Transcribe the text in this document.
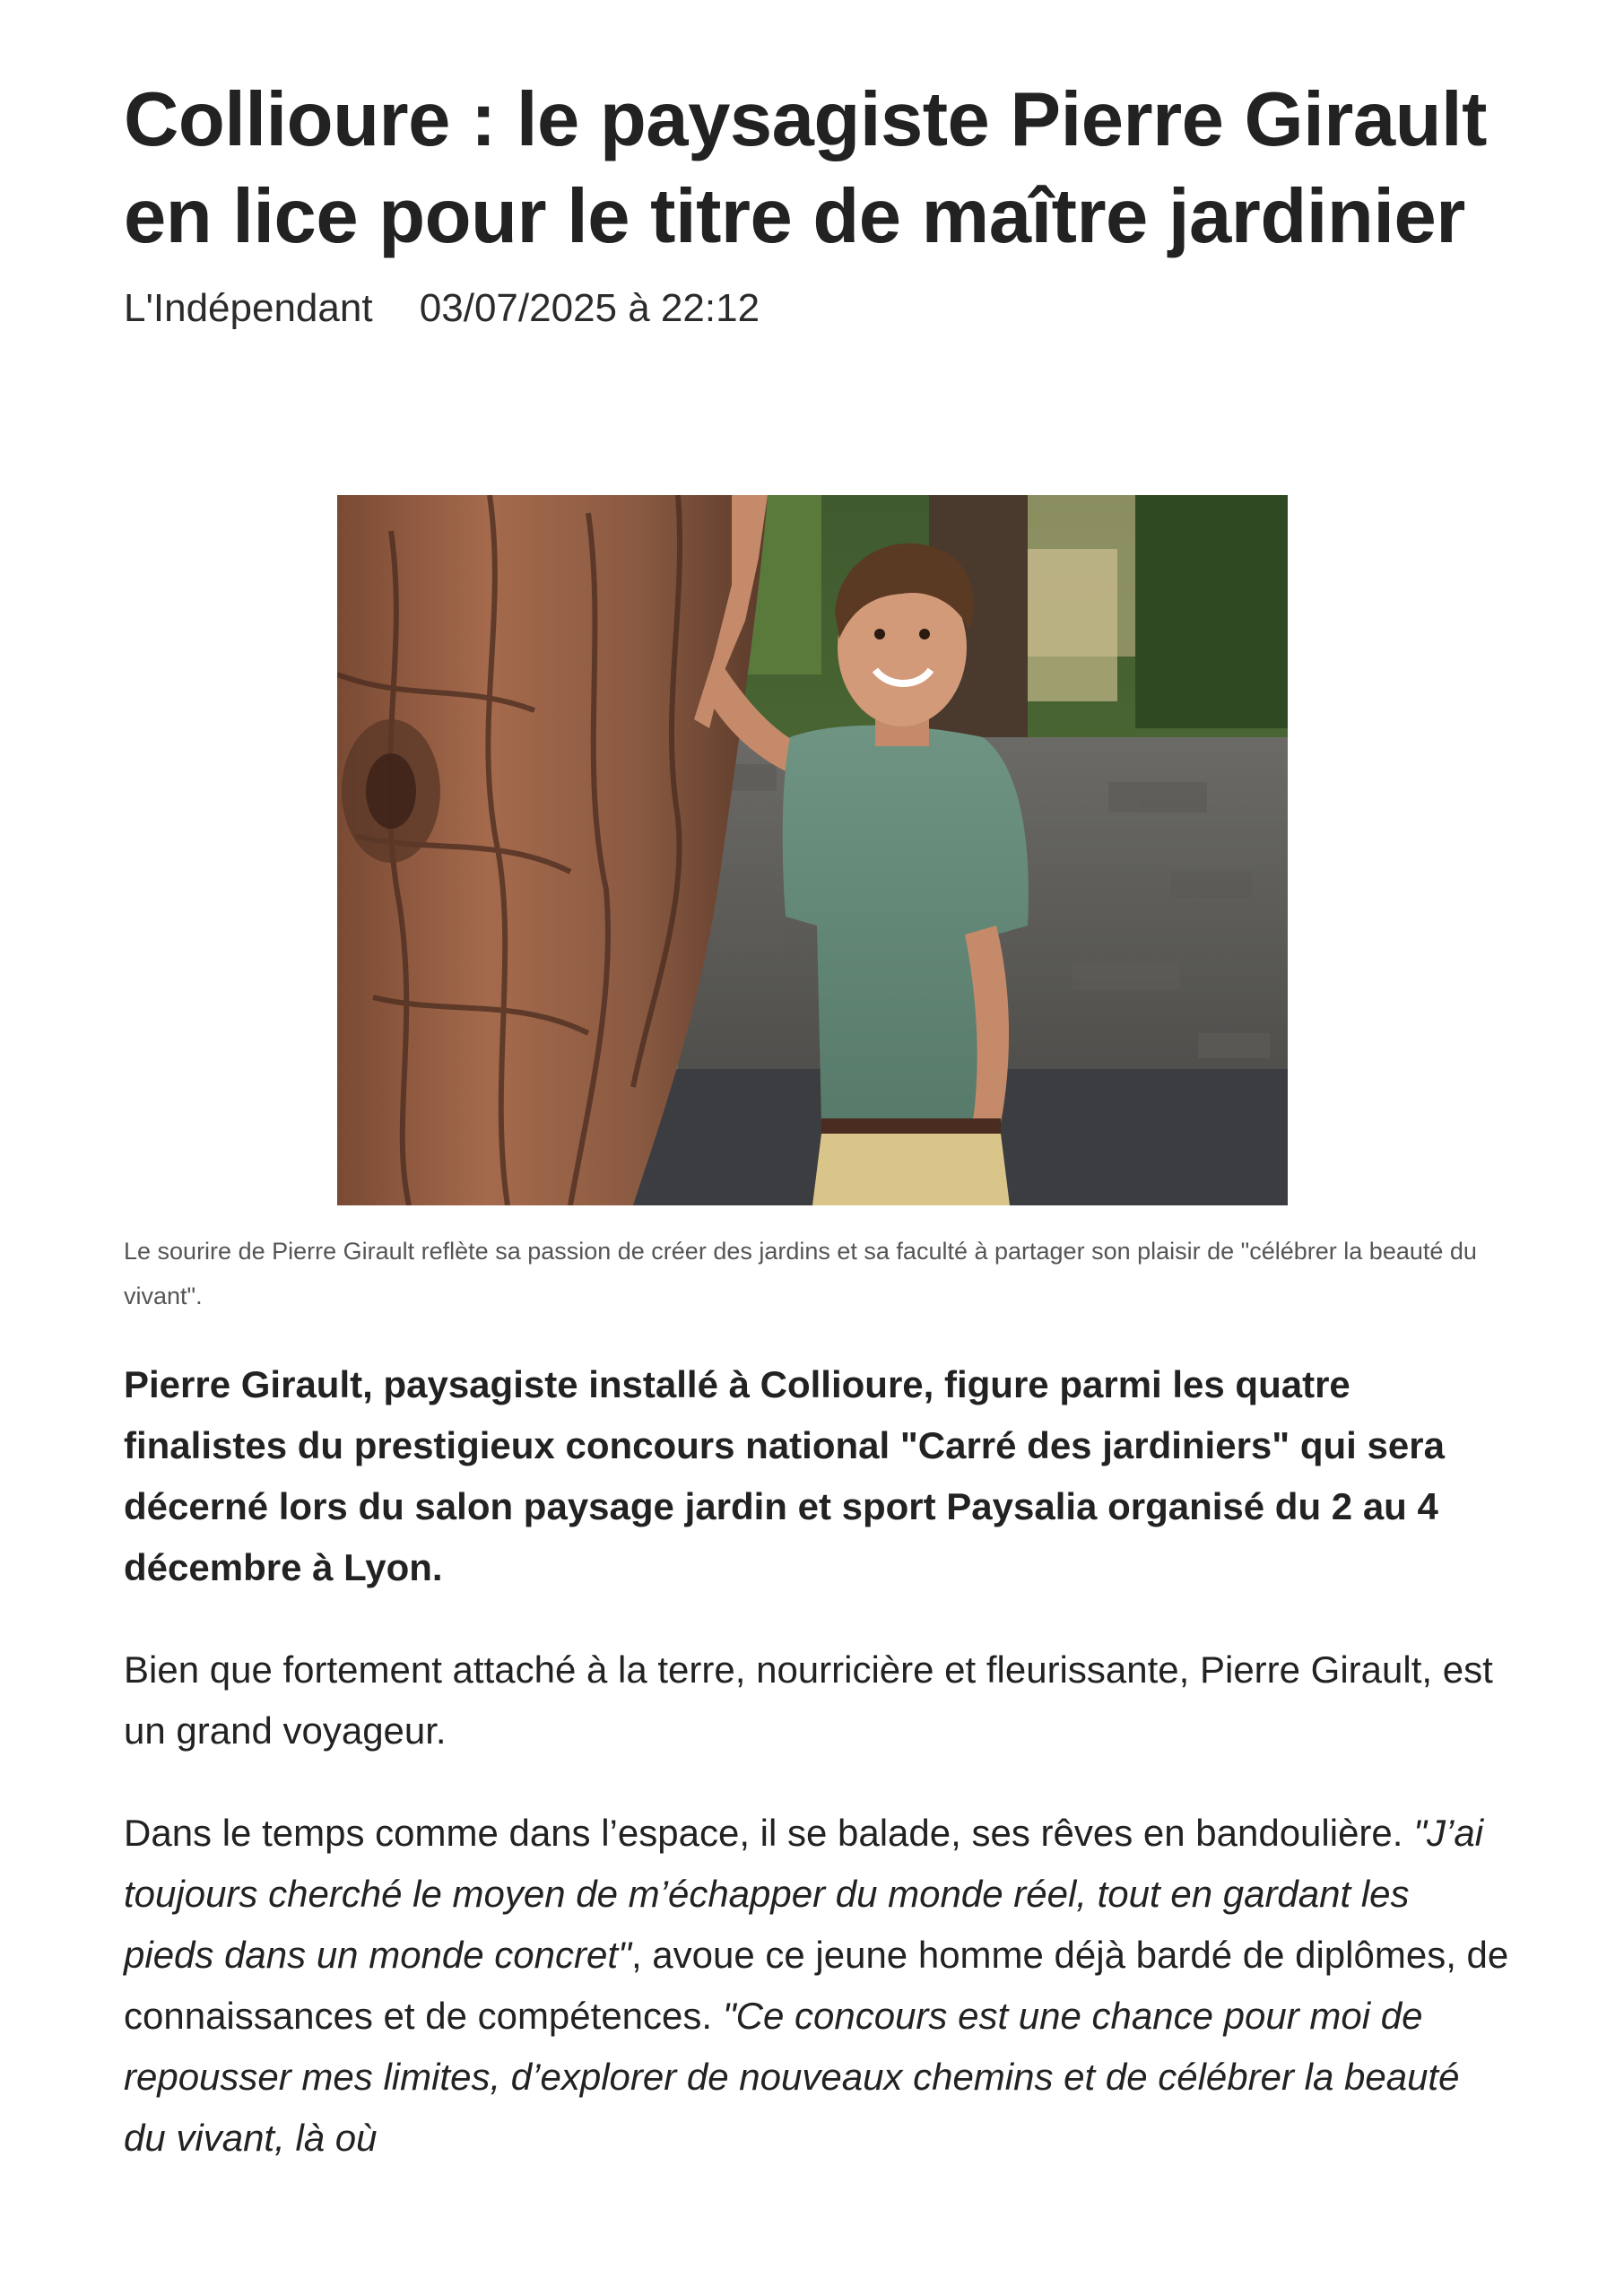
Collioure : le paysagiste Pierre Girault en lice pour le titre de maître jardinier
L'Indépendant 03/07/2025 à 22:12
Le sourire de Pierre Girault reflète sa passion de créer des jardins et sa faculté à partager son plaisir de "célébrer la beauté du vivant".

Pierre Girault, paysagiste installé à Collioure, figure parmi les quatre finalistes du prestigieux concours national "Carré des jardiniers" qui sera décerné lors du salon paysage jardin et sport Paysalia organisé du 2 au 4 décembre à Lyon.

Bien que fortement attaché à la terre, nourricière et fleurissante, Pierre Girault, est un grand voyageur.

Dans le temps comme dans l’espace, il se balade, ses rêves en bandoulière. "J’ai toujours cherché le moyen de m’échapper du monde réel, tout en gardant les pieds dans un monde concret", avoue ce jeune homme déjà bardé de diplômes, de connaissances et de compétences. "Ce concours est une chance pour moi de repousser mes limites, d’explorer de nouveaux chemins et de célébrer la beauté du vivant, là où
